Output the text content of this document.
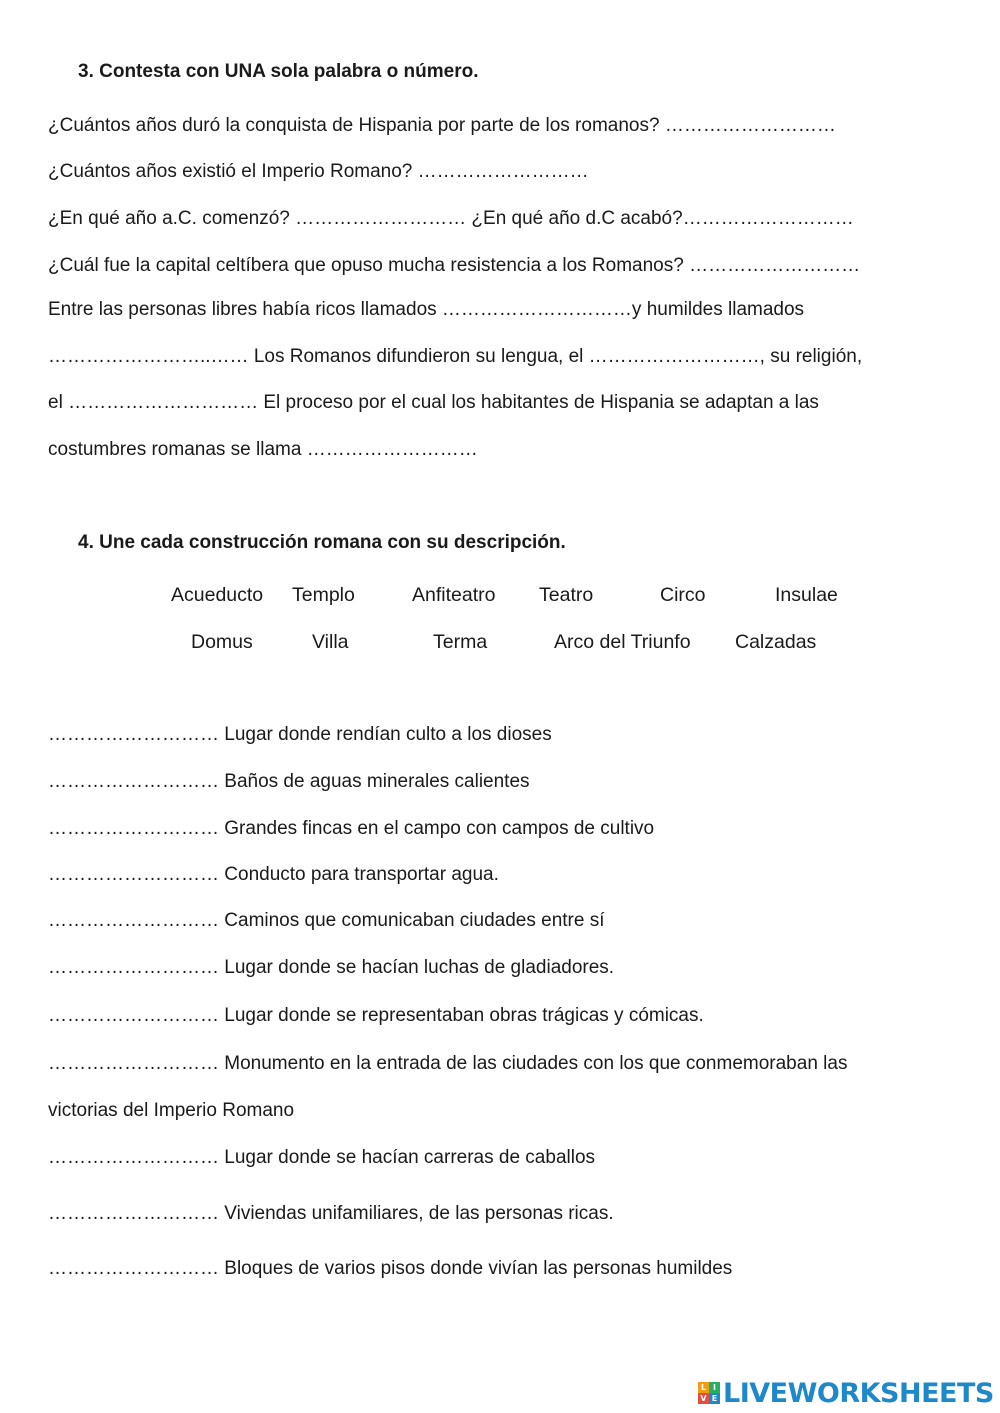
3. Contesta con UNA sola palabra o número.
¿Cuántos años duró la conquista de Hispania por parte de los romanos? ………………………
¿Cuántos años existió el Imperio Romano? ………………………
¿En qué año a.C. comenzó? ……………………… ¿En qué año d.C acabó?………………………
¿Cuál fue la capital celtíbera que opuso mucha resistencia a los Romanos? ………………………
Entre las personas libres había ricos llamados …………………………y humildes llamados
……………………..…… Los Romanos difundieron su lengua, el ………………………, su religión,
el ………………………… El proceso por el cual los habitantes de Hispania se adaptan a las
costumbres romanas se llama ………………………
4. Une cada construcción romana con su descripción.
Acueducto Templo	Anfiteatro Teatro	Circo	Insulae
Domus	Villa	Terma	Arco del Triunfo Calzadas
……………………… Lugar donde rendían culto a los dioses
……………………… Baños de aguas minerales calientes
……………………… Grandes fincas en el campo con campos de cultivo
……………………… Conducto para transportar agua.
……………………… Caminos que comunicaban ciudades entre sí
……………………… Lugar donde se hacían luchas de gladiadores.
……………………… Lugar donde se representaban obras trágicas y cómicas.
……………………… Monumento en la entrada de las ciudades con los que conmemoraban las
victorias del Imperio Romano
……………………… Lugar donde se hacían carreras de caballos
……………………… Viviendas unifamiliares, de las personas ricas.
……………………… Bloques de varios pisos donde vivían las personas humildes
L I
V E LIVEWORKSHEETS
